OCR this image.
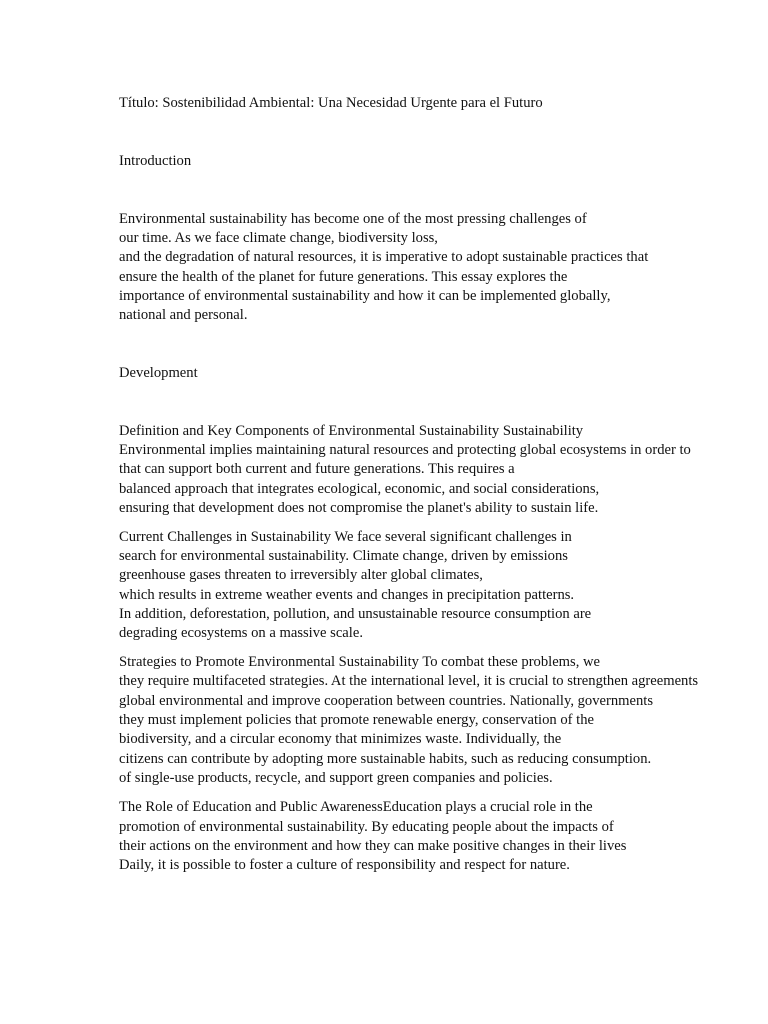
Título: Sostenibilidad Ambiental: Una Necesidad Urgente para el Futuro
Introduction
Environmental sustainability has become one of the most pressing challenges of
our time. As we face climate change, biodiversity loss,
and the degradation of natural resources, it is imperative to adopt sustainable practices that
ensure the health of the planet for future generations. This essay explores the
importance of environmental sustainability and how it can be implemented globally,
national and personal.
Development
Definition and Key Components of Environmental Sustainability Sustainability
Environmental implies maintaining natural resources and protecting global ecosystems in order to
that can support both current and future generations. This requires a
balanced approach that integrates ecological, economic, and social considerations,
ensuring that development does not compromise the planet's ability to sustain life.
Current Challenges in Sustainability We face several significant challenges in
search for environmental sustainability. Climate change, driven by emissions
greenhouse gases threaten to irreversibly alter global climates,
which results in extreme weather events and changes in precipitation patterns.
In addition, deforestation, pollution, and unsustainable resource consumption are
degrading ecosystems on a massive scale.
Strategies to Promote Environmental Sustainability To combat these problems, we
they require multifaceted strategies. At the international level, it is crucial to strengthen agreements
global environmental and improve cooperation between countries. Nationally, governments
they must implement policies that promote renewable energy, conservation of the
biodiversity, and a circular economy that minimizes waste. Individually, the
citizens can contribute by adopting more sustainable habits, such as reducing consumption.
of single-use products, recycle, and support green companies and policies.
The Role of Education and Public AwarenessEducation plays a crucial role in the
promotion of environmental sustainability. By educating people about the impacts of
their actions on the environment and how they can make positive changes in their lives
Daily, it is possible to foster a culture of responsibility and respect for nature.
